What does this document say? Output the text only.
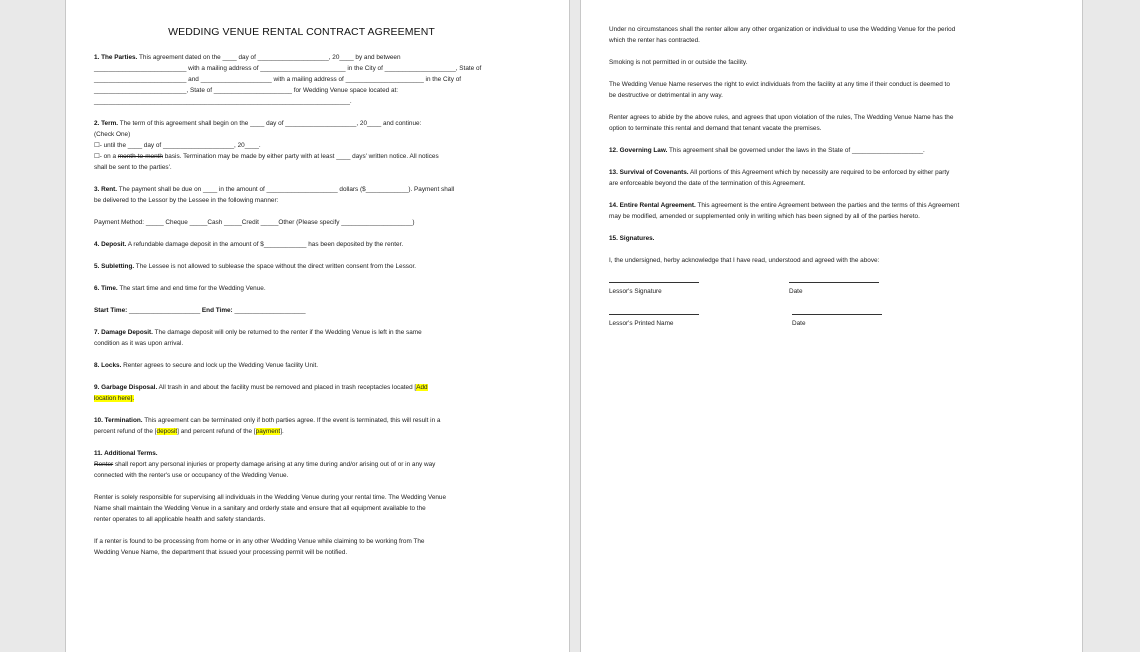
WEDDING VENUE RENTAL CONTRACT AGREEMENT

1. The Parties. This agreement dated on the ____ day of ____________________, 20____ by and between
__________________________ with a mailing address of ________________________ in the City of ____________________, State of
__________________________ and ____________________ with a mailing address of ______________________ in the City of
__________________________, State of ______________________ for Wedding Venue space located at:
________________________________________________________________________.

2. Term. The term of this agreement shall begin on the ____ day of ____________________, 20____ and continue:
(Check One)
☐- until the ____ day of ____________________, 20____.
☐- on a month-to-month basis. Termination may be made by either party with at least ____ days' written notice. All notices
shall be sent to the parties'.

3. Rent. The payment shall be due on ____ in the amount of ____________________ dollars ($____________). Payment shall
be delivered to the Lessor by the Lessee in the following manner:

Payment Method: _____ Cheque _____Cash _____Credit _____Other (Please specify ____________________)

4. Deposit. A refundable damage deposit in the amount of $____________ has been deposited by the renter.

5. Subletting. The Lessee is not allowed to sublease the space without the direct written consent from the Lessor.

6. Time. The start time and end time for the Wedding Venue.

Start Time: ____________________ End Time: ____________________

7. Damage Deposit. The damage deposit will only be returned to the renter if the Wedding Venue is left in the same
condition as it was upon arrival.

8. Locks. Renter agrees to secure and lock up the Wedding Venue facility Unit.

9. Garbage Disposal. All trash in and about the facility must be removed and placed in trash receptacles located [Add
location here].

10. Termination. This agreement can be terminated only if both parties agree. If the event is terminated, this will result in a
percent refund of the [deposit] and percent refund of the [payment].

11. Additional Terms.
Renter shall report any personal injuries or property damage arising at any time during and/or arising out of or in any way
connected with the renter's use or occupancy of the Wedding Venue.

Renter is solely responsible for supervising all individuals in the Wedding Venue during your rental time. The Wedding Venue
Name shall maintain the Wedding Venue in a sanitary and orderly state and ensure that all equipment available to the
renter operates to all applicable health and safety standards.

If a renter is found to be processing from home or in any other Wedding Venue while claiming to be working from The
Wedding Venue Name, the department that issued your processing permit will be notified.

Under no circumstances shall the renter allow any other organization or individual to use the Wedding Venue for the period
which the renter has contracted.

Smoking is not permitted in or outside the facility.

The Wedding Venue Name reserves the right to evict individuals from the facility at any time if their conduct is deemed to
be destructive or detrimental in any way.

Renter agrees to abide by the above rules, and agrees that upon violation of the rules, The Wedding Venue Name has the
option to terminate this rental and demand that tenant vacate the premises.

12. Governing Law. This agreement shall be governed under the laws in the State of ____________________.

13. Survival of Covenants. All portions of this Agreement which by necessity are required to be enforced by either party
are enforceable beyond the date of the termination of this Agreement.

14. Entire Rental Agreement. This agreement is the entire Agreement between the parties and the terms of this Agreement
may be modified, amended or supplemented only in writing which has been signed by all of the parties hereto.

15. Signatures.

I, the undersigned, herby acknowledge that I have read, understood and agreed with the above:

Lessor's Signature	Date
Lessor's Printed Name	Date
